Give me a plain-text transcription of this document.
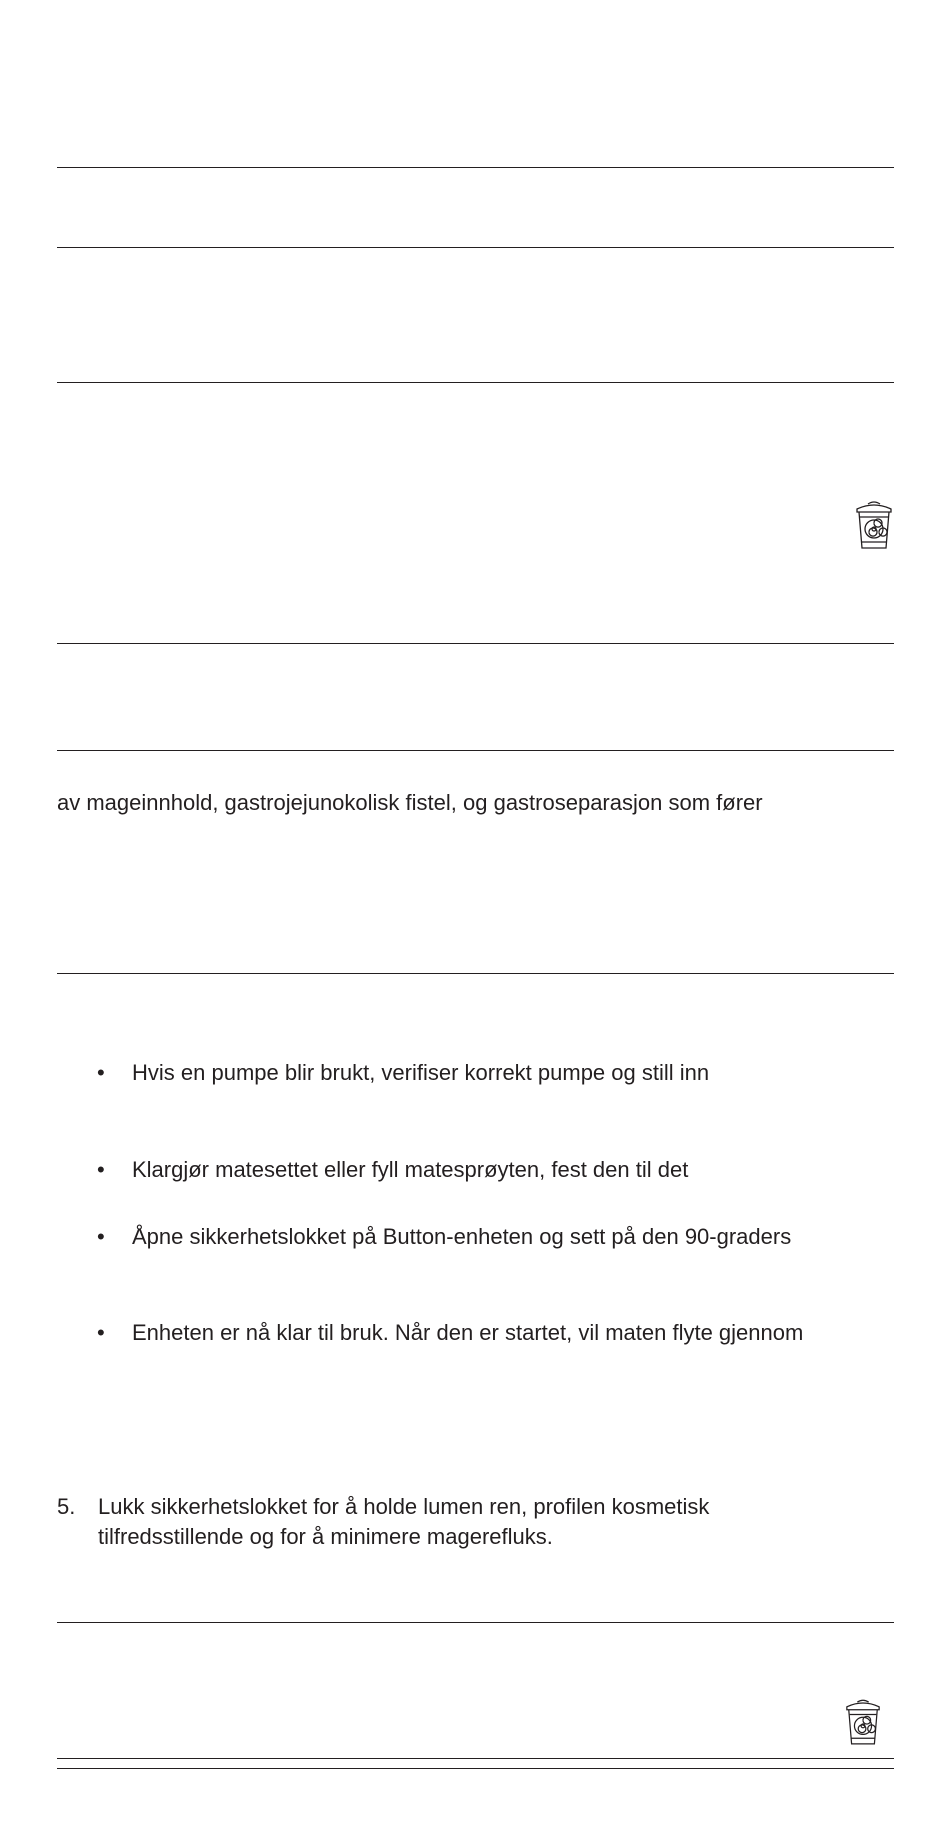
av mageinnhold, gastrojejunokolisk fistel, og gastroseparasjon som fører
• Hvis en pumpe blir brukt, verifiser korrekt pumpe og still inn
• Klargjør matesettet eller fyll matesprøyten, fest den til det
• Åpne sikkerhetslokket på Button-enheten og sett på den 90-graders
• Enheten er nå klar til bruk. Når den er startet, vil maten flyte gjennom
5. Lukk sikkerhetslokket for å holde lumen ren, profilen kosmetisk
tilfredsstillende og for å minimere magerefluks.
